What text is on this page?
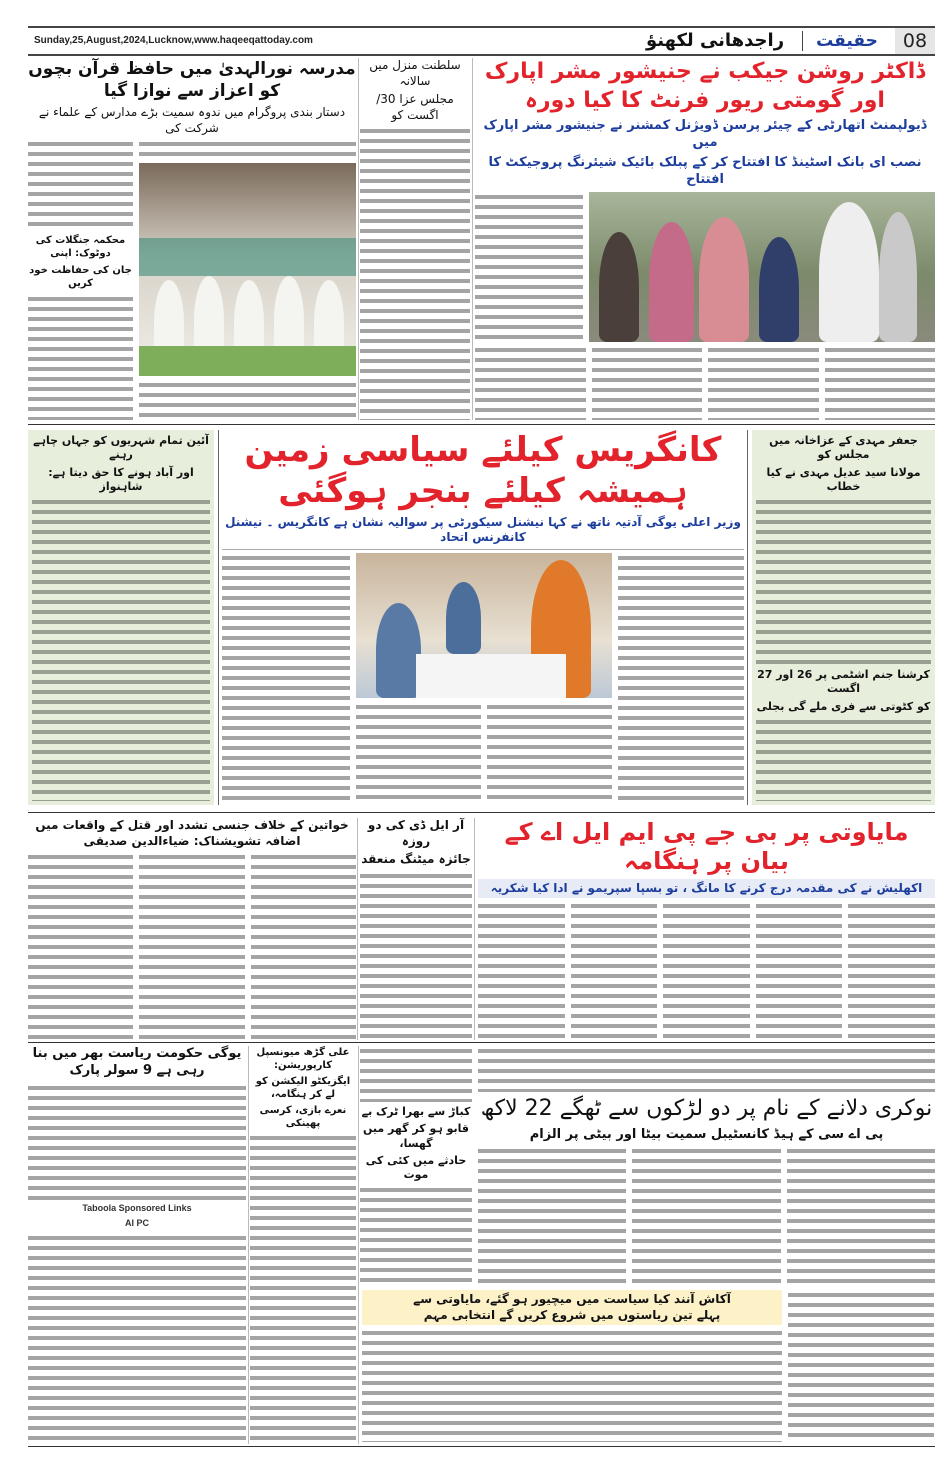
08
حقیقت
راجدھانی لکھنؤ
Sunday,25,August,2024,Lucknow,www.haqeeqattoday.com
ڈاکٹر روشن جیکب نے جنیشور مشر اپارک اور گومتی ریور فرنٹ کا کیا دورہ
ڈیولپمنٹ اتھارٹی کے چیئر پرسن ڈویژنل کمشنر نے جنیشور مشر اپارک میں
نصب ای بانک اسٹینڈ کا افتتاح کر کے پبلک بائیک شیئرنگ پروجیکٹ کا افتتاح
سلطنت منزل میں سالانہ
مجلس عزا 30/ اگست کو
مدرسہ نورالہدیٰ میں حافظ قرآن بچوں کو اعزاز سے نوازا گیا
دستار بندی پروگرام میں ندوہ سمیت بڑے مدارس کے علماء نے شرکت کی
محکمہ جنگلات کی دوٹوک: اپنی
جان کی حفاظت خود کریں
آئین تمام شہریوں کو جہاں چاہے رہنے
اور آباد ہونے کا حق دیتا ہے: شاہنواز
کانگریس کیلئے سیاسی زمین ہمیشہ کیلئے بنجر ہوگئی
وزیر اعلی یوگی آدتیہ ناتھ نے کہا نیشنل سیکورٹی پر سوالیہ نشان ہے کانگریس ۔ نیشنل کانفرنس اتحاد
جعفر مہدی کے عزاخانہ میں مجلس کو
مولانا سید عدیل مہدی نے کیا خطاب
کرشنا جنم اشٹمی پر 26 اور 27 اگست
کو کٹوتی سے فری ملے گی بجلی
مایاوتی پر بی جے پی ایم ایل اے کے بیان پر ہنگامہ
اکھلیش نے کی مقدمہ درج کرنے کا مانگ ، تو بسپا سپریمو نے ادا کیا شکریہ
آر ایل ڈی کی دو روزہ
جائزہ میٹنگ منعقد
خواتین کے خلاف جنسی تشدد اور قتل کے واقعات میں اضافہ تشویشناک: ضیاءالدین صدیقی
یوگی حکومت ریاست بھر میں بنا رہی ہے 9 سولر پارک
Taboola Sponsored Links
AI PC
علی گڑھ میونسپل کارپوریشن:
ایگزیکٹو الیکشن کو لے کر ہنگامہ،
نعرے بازی، کرسی پھینکی
کباڑ سے بھرا ٹرک بے
قابو ہو کر گھر میں گھسا،
حادثے میں کئی کی موت
نوکری دلانے کے نام پر دو لڑکوں سے ٹھگے 22 لاکھ
پی اے سی کے ہیڈ کانسٹیبل سمیت بیٹا اور بیٹی پر الزام
آکاش آنند کیا سیاست میں میچیور ہو گئے، مایاوتی سے
پہلے تین ریاستوں میں شروع کریں گے انتخابی مہم
